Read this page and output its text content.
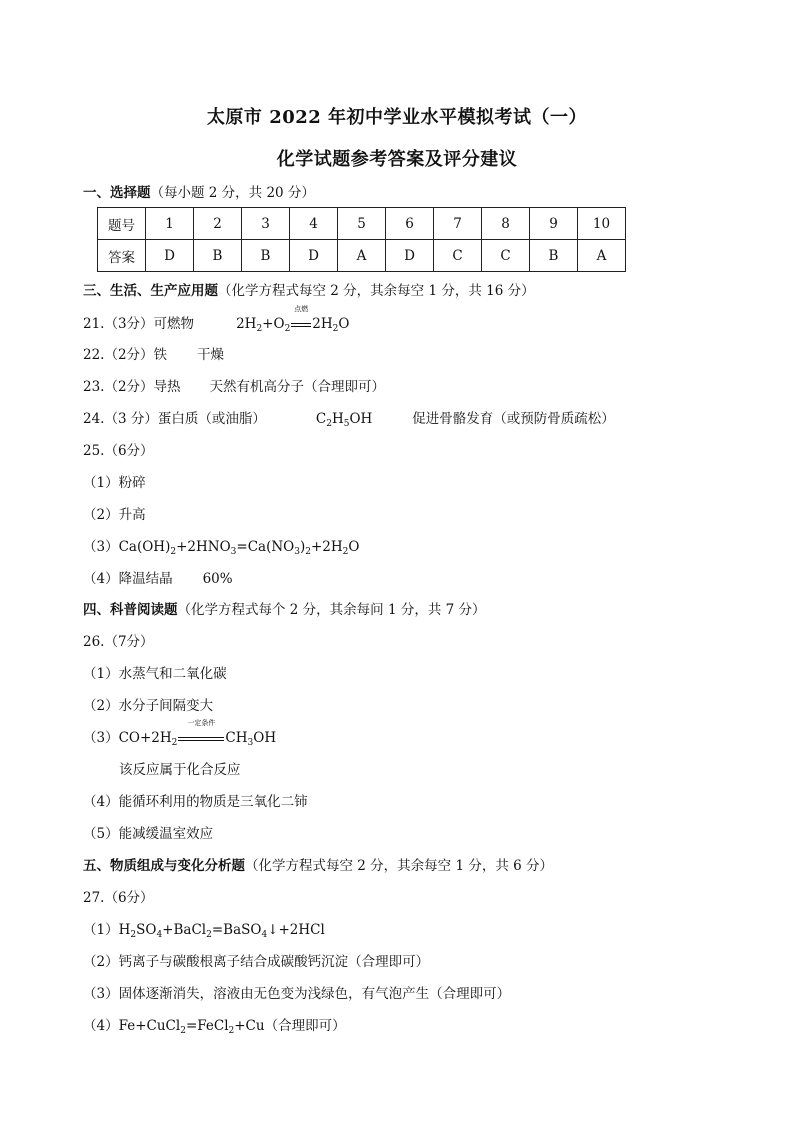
太原市 2022 年初中学业水平模拟考试（一）
化学试题参考答案及评分建议
一、选择题（每小题 2 分，共 20 分）
题号	1	2	3	4	5	6	7	8	9	10
答案	D	B	B	D	A	D	C	C	B	A
三、生活、生产应用题（化学方程式每空 2 分，其余每空 1 分，共 16 分）
21.（3分）可燃物	$2H_2+O_2$
点燃
$2H_2O$
22.（2分）铁 干燥
23.（2分）导热 天然有机高分子（合理即可）
24.（3 分）蛋白质（或油脂）	$C_2H_5OH$	促进骨骼发育（或预防骨质疏松）
25.（6分）
（1）粉碎
（2）升高
$(3)Ca(OH)_2+2HNO_3=Ca(NO_3)_2+2H_2O$
（4）降温结晶 60%
四、科普阅读题（化学方程式每个 2 分，其余每问 1 分，共 7 分）
26.（7分）
（1）水蒸气和二氧化碳
（2）水分子间隔变大
$(3)CO+2H_2$
一定条件
$CH_3OH$
该反应属于化合反应
（4）能循环利用的物质是三氧化二铈
（5）能减缓温室效应
五、物质组成与变化分析题（化学方程式每空 2 分，其余每空 1 分，共 6 分）
27.（6分）
$(1)H_2SO_4+BaCl_2=BaSO_4↓+2HCl$
（2）钙离子与碳酸根离子结合成碳酸钙沉淀（合理即可）
（3）固体逐渐消失，溶液由无色变为浅绿色，有气泡产生（合理即可）
（4）Fe+CuCl$_2$=FeCl$_2$+Cu（合理即可）
